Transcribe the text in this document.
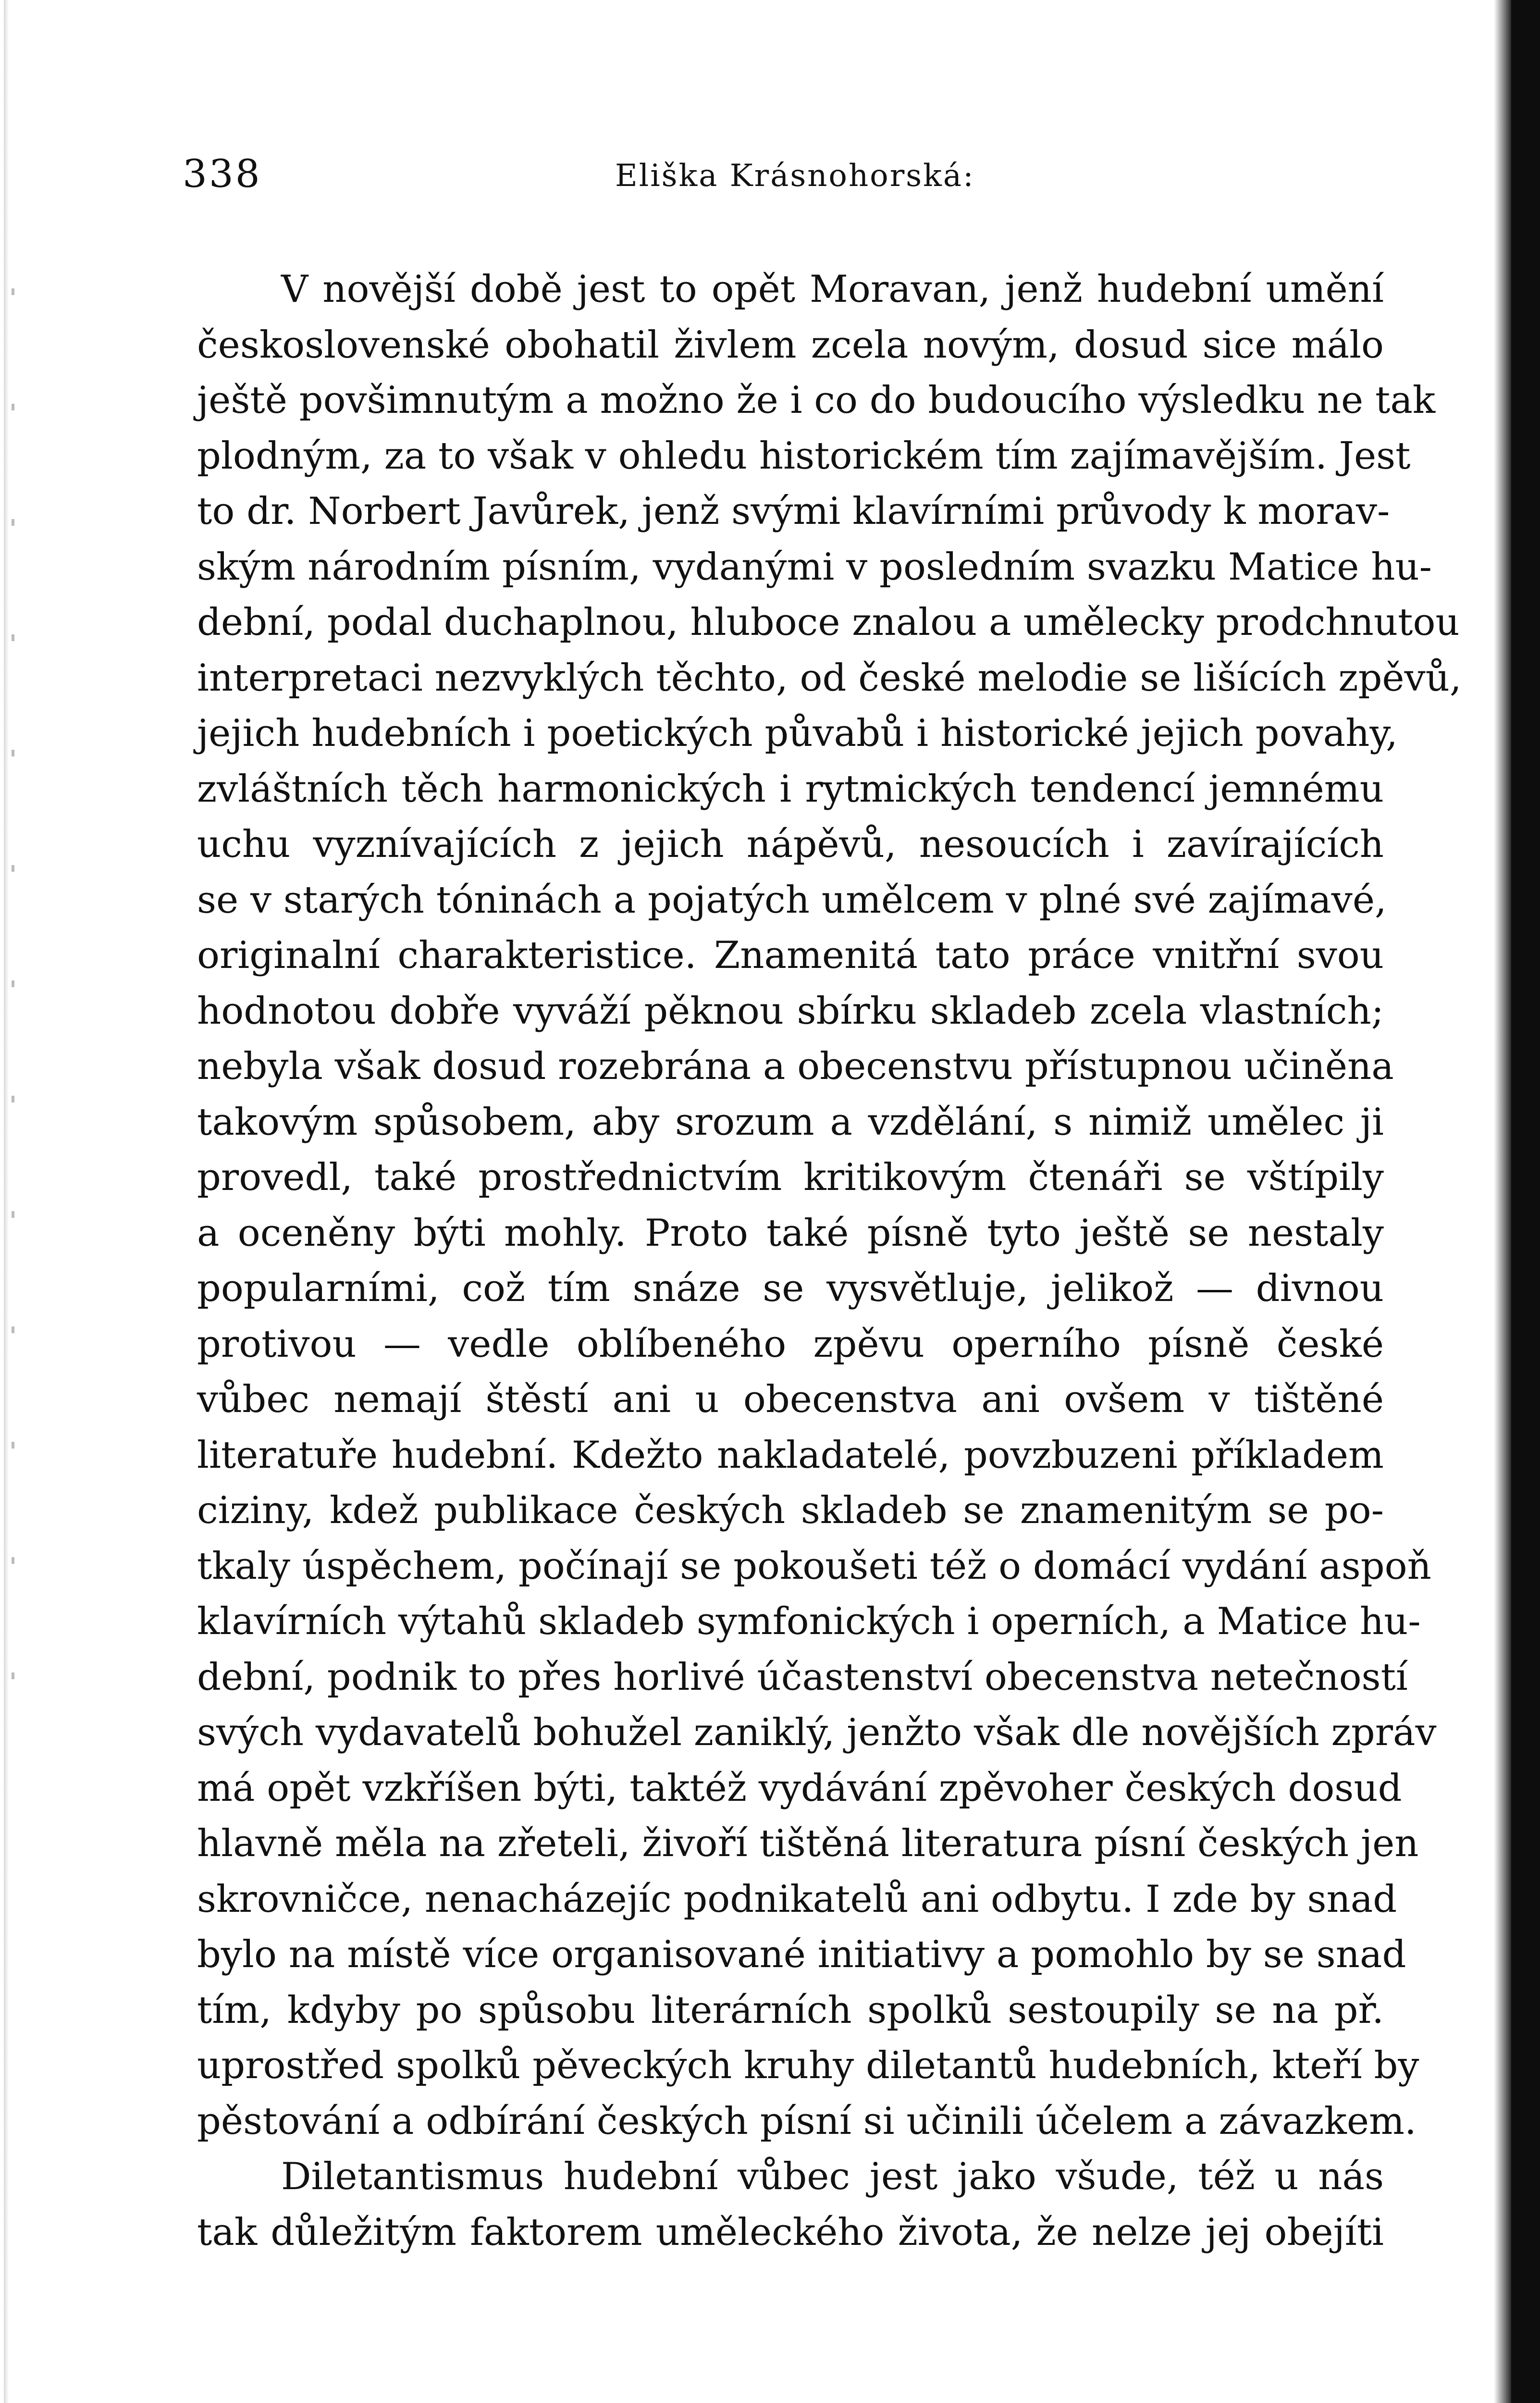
338	Eliška Krásnohorská:
V novější době jest to opět Moravan, jenž hudební umění
československé obohatil živlem zcela novým, dosud sice málo
ještě povšimnutým a možno že i co do budoucího výsledku ne tak
plodným, za to však v ohledu historickém tím zajímavějším. Jest
to dr. Norbert Javůrek, jenž svými klavírními průvody k morav-
ským národním písním, vydanými v posledním svazku Matice hu-
dební, podal duchaplnou, hluboce znalou a umělecky prodchnutou
interpretaci nezvyklých těchto, od české melodie se lišících zpěvů,
jejich hudebních i poetických půvabů i historické jejich povahy,
zvláštních těch harmonických i rytmických tendencí jemnému
uchu vyznívajících z jejich nápěvů, nesoucích i zavírajících
se v starých tóninách a pojatých umělcem v plné své zajímavé,
originalní charakteristice. Znamenitá tato práce vnitřní svou
hodnotou dobře vyváží pěknou sbírku skladeb zcela vlastních;
nebyla však dosud rozebrána a obecenstvu přístupnou učiněna
takovým spůsobem, aby srozum a vzdělání, s nimiž umělec ji
provedl, také prostřednictvím kritikovým čtenáři se vštípily
a oceněny býti mohly. Proto také písně tyto ještě se nestaly
popularními, což tím snáze se vysvětluje, jelikož — divnou
protivou — vedle oblíbeného zpěvu operního písně české
vůbec nemají štěstí ani u obecenstva ani ovšem v tištěné
literatuře hudební. Kdežto nakladatelé, povzbuzeni příkladem
ciziny, kdež publikace českých skladeb se znamenitým se po-
tkaly úspěchem, počínají se pokoušeti též o domácí vydání aspoň
klavírních výtahů skladeb symfonických i operních, a Matice hu-
dební, podnik to přes horlivé účastenství obecenstva netečností
svých vydavatelů bohužel zaniklý, jenžto však dle novějších zpráv
má opět vzkříšen býti, taktéž vydávání zpěvoher českých dosud
hlavně měla na zřeteli, živoří tištěná literatura písní českých jen
skrovničce, nenacházejíc podnikatelů ani odbytu. I zde by snad
bylo na místě více organisované initiativy a pomohlo by se snad
tím, kdyby po spůsobu literárních spolků sestoupily se na př.
uprostřed spolků pěveckých kruhy diletantů hudebních, kteří by
pěstování a odbírání českých písní si učinili účelem a závazkem.
Diletantismus hudební vůbec jest jako všude, též u nás
tak důležitým faktorem uměleckého života, že nelze jej obejíti
